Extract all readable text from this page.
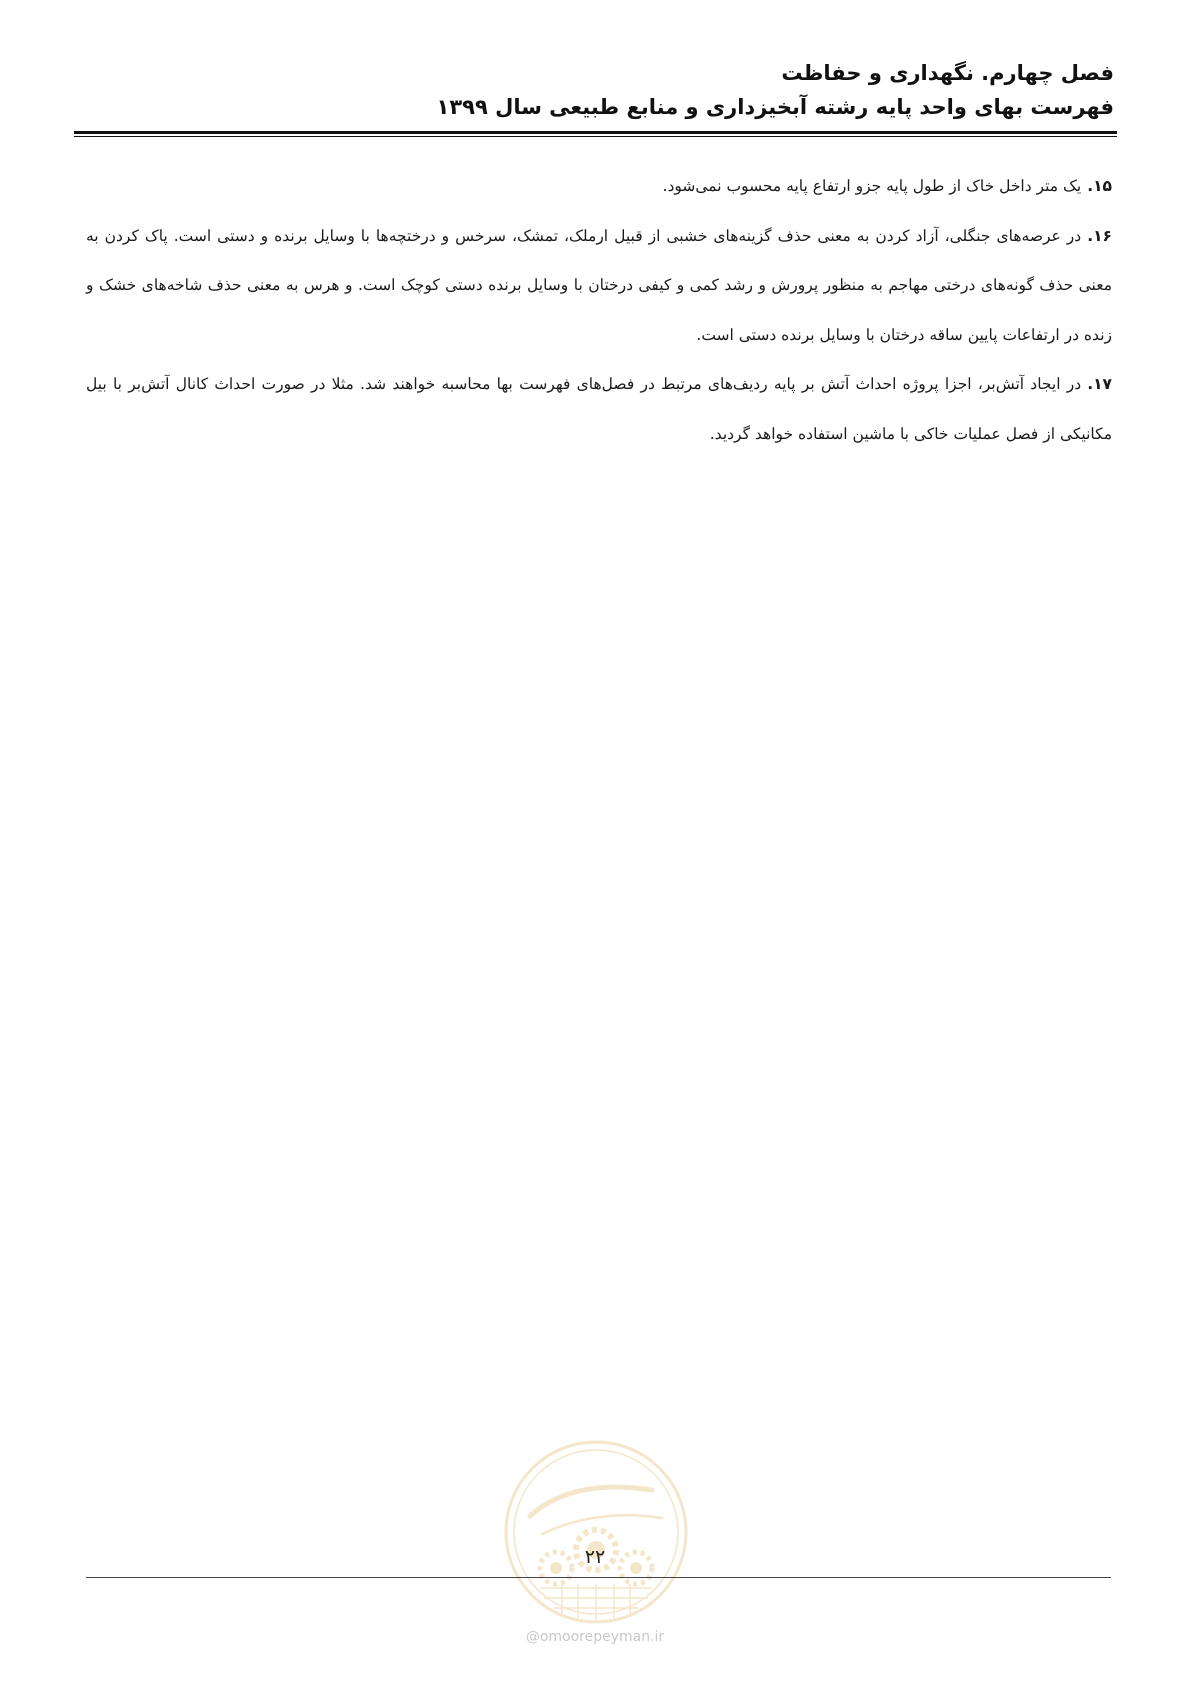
فصل چهارم. نگهداری و حفاظت
فهرست بهای واحد پایه رشته آبخیزداری و منابع طبیعی سال ۱۳۹۹

۱۵.یک متر داخل خاک از طول پایه جزو ارتفاع پایه محسوب نمی‌شود.

۱۶.در عرصه‌های جنگلی، آزاد کردن به معنی حذف گزینه‌های خشبی از قبیل ارملک، تمشک، سرخس و درختچه‌ها با وسایل برنده و دستی است. پاک کردن به معنی حذف گونه‌های درختی مهاجم به منظور پرورش و رشد کمی و کیفی درختان با وسایل برنده دستی کوچک است. و هرس به معنی حذف شاخه‌های خشک و زنده در ارتفاعات پایین ساقه درختان با وسایل برنده دستی است.

۱۷.در ایجاد آتش‌بر، اجزا پروژه احداث آتش بر پایه ردیف‌های مرتبط در فصل‌های فهرست بها محاسبه خواهند شد. مثلا در صورت احداث کانال آتش‌بر با بیل مکانیکی از فصل عملیات خاکی با ماشین استفاده خواهد گردید.

۲۲
@omoorepeyman.ir
